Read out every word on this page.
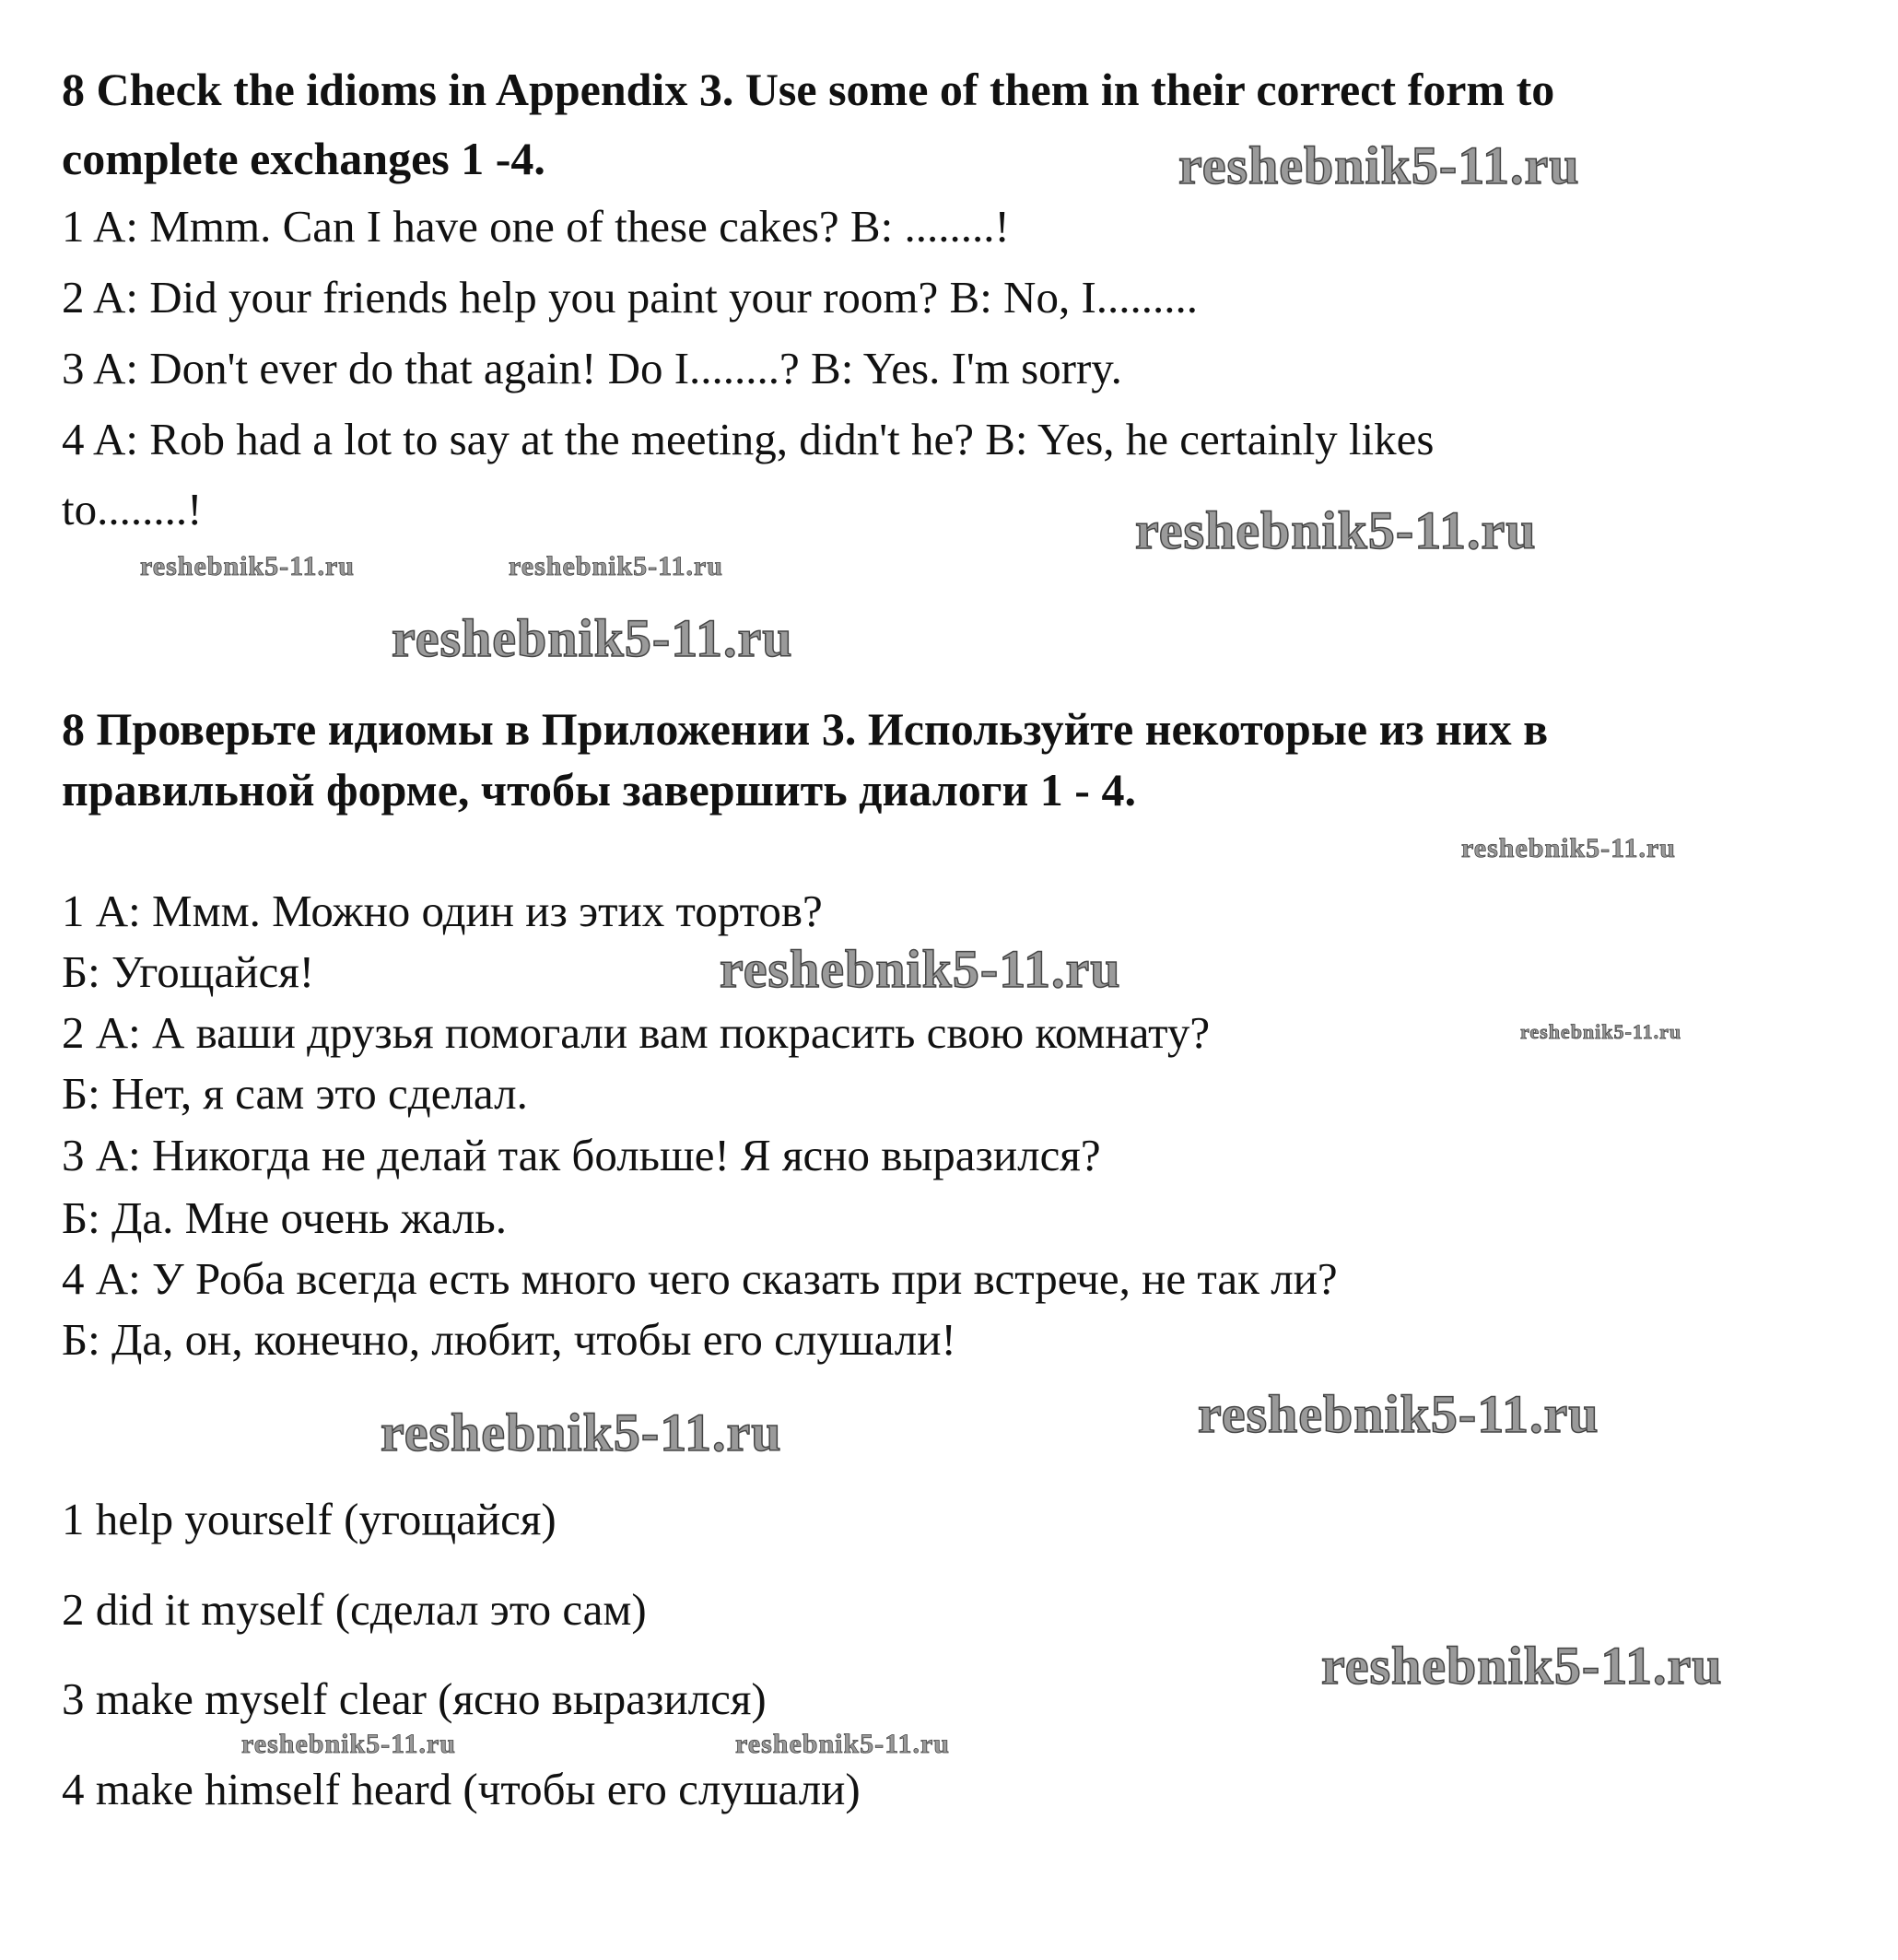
8 Check the idioms in Appendix 3. Use some of them in their correct form to
complete exchanges 1 -4.
1 A: Mmm. Can I have one of these cakes? B: ........!
2 A: Did your friends help you paint your room? B: No, I.........
3 A: Don't ever do that again! Do I........? B: Yes. I'm sorry.
4 A: Rob had a lot to say at the meeting, didn't he? B: Yes, he certainly likes
to........!
8 Проверьте идиомы в Приложении 3. Используйте некоторые из них в
правильной форме, чтобы завершить диалоги 1 - 4.
1 А: Ммм. Можно один из этих тортов?
Б: Угощайся!
2 А: А ваши друзья помогали вам покрасить свою комнату?
Б: Нет, я сам это сделал.
3 А: Никогда не делай так больше! Я ясно выразился?
Б: Да. Мне очень жаль.
4 А: У Роба всегда есть много чего сказать при встрече, не так ли?
Б: Да, он, конечно, любит, чтобы его слушали!
1 help yourself (угощайся)
2 did it myself (сделал это сам)
3 make myself clear (ясно выразился)
4 make himself heard (чтобы его слушали)
reshebnik5-11.ru
reshebnik5-11.ru	reshebnik5-11.ru
reshebnik5-11.ru
reshebnik5-11.ru
reshebnik5-11.ru
reshebnik5-11.ru
reshebnik5-11.ru
reshebnik5-11.ru
reshebnik5-11.ru
reshebnik5-11.ru
reshebnik5-11.ru	reshebnik5-11.ru
